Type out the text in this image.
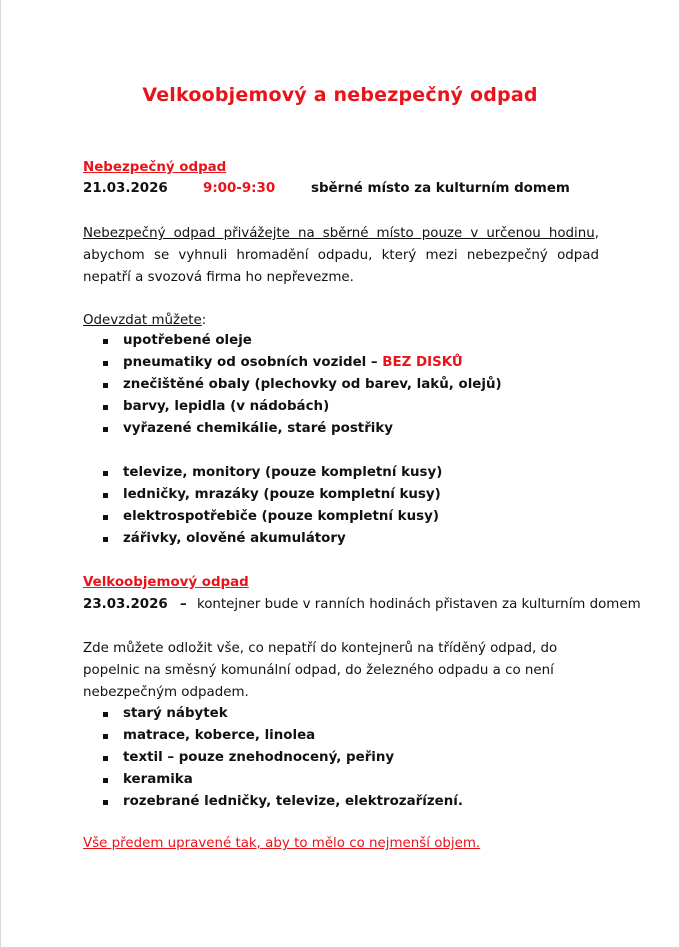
Velkoobjemový a nebezpečný odpad
Nebezpečný odpad
21.03.2026	9:00-9:30	sběrné místo za kulturním domem

Nebezpečný odpad přivážejte na sběrné místo pouze v určenou hodinu, abychom se vyhnuli hromadění odpadu, který mezi nebezpečný odpad nepatří a svozová firma ho nepřevezme.

Odevzdat můžete:
upotřebené oleje
pneumatiky od osobních vozidel – BEZ DISKŮ
znečištěné obaly (plechovky od barev, laků, olejů)
barvy, lepidla (v nádobách)
vyřazené chemikálie, staré postřiky
televize, monitory (pouze kompletní kusy)
ledničky, mrazáky (pouze kompletní kusy)
elektrospotřebiče (pouze kompletní kusy)
zářivky, olověné akumulátory
Velkoobjemový odpad
23.03.2026 – kontejner bude v ranních hodinách přistaven za kulturním domem

Zde můžete odložit vše, co nepatří do kontejnerů na tříděný odpad, do popelnic na směsný komunální odpad, do železného odpadu a co není nebezpečným odpadem.

starý nábytek
matrace, koberce, linolea
textil – pouze znehodnocený, peřiny
keramika
rozebrané ledničky, televize, elektrozařízení.
Vše předem upravené tak, aby to mělo co nejmenší objem.
